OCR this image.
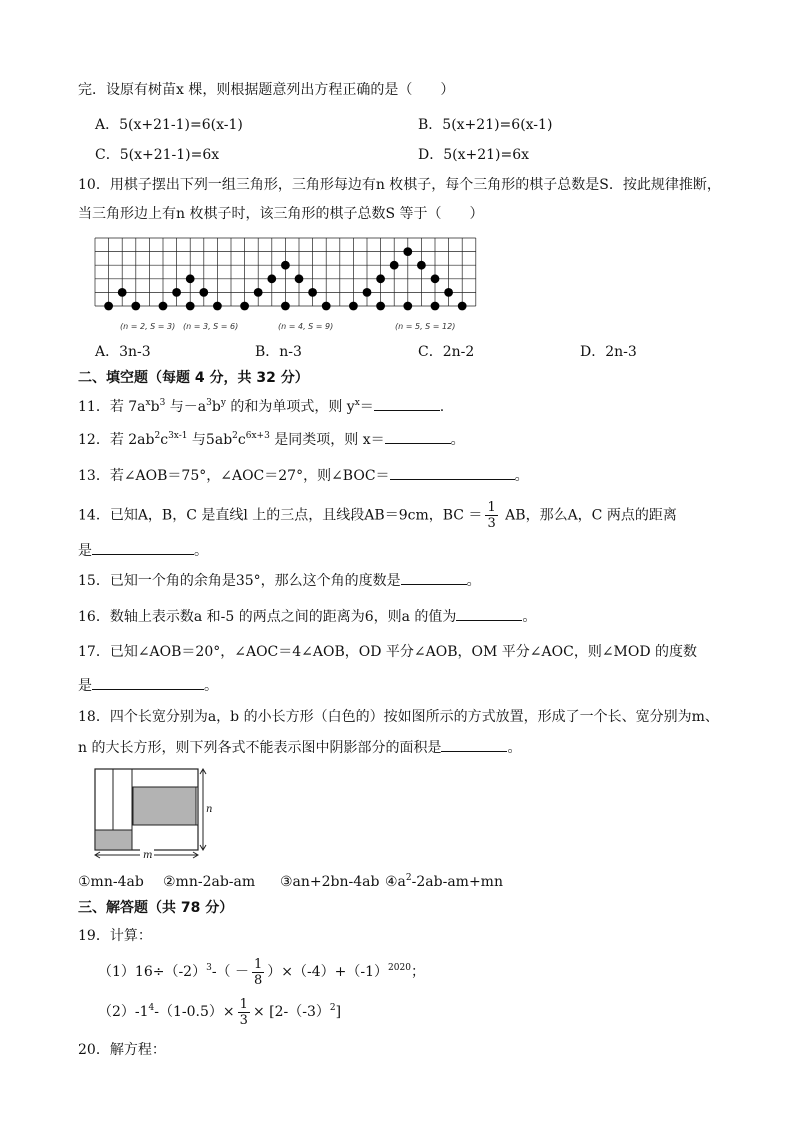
完．设原有树苗x 棵，则根据题意列出方程正确的是（　　）
A．5(x+21-1)=6(x-1)	B．5(x+21)=6(x-1)
C．5(x+21-1)=6x	D．5(x+21)=6x
10．用棋子摆出下列一组三角形，三角形每边有n 枚棋子，每个三角形的棋子总数是S．按此规律推断，
当三角形边上有n 枚棋子时，该三角形的棋子总数S 等于（　　）
(n = 2, S = 3) (n = 3, S = 6)	(n = 4, S = 9)	(n = 5, S = 12)
A．3n-3	B．n-3	C．2n-2	D．2n-3
二、填空题（每题 4 分，共 32 分）
11．若 $7a^xb^3$ 与$-a^3b^y$ 的和为单项式，则 $y^x=$	.
12．若 $2ab^2c^{3x-1}$ 与$5ab^2c^{6x+3}$ 是同类项，则 x＝	。
13．若∠AOB＝75°，∠AOC＝27°，则∠BOC＝	。
14．已知A，B，C 是直线l 上的三点，且线段AB＝9cm，BC ＝ $\frac{1}{3}$ AB，那么A，C 两点的距离
是	。
15．已知一个角的余角是35°，那么这个角的度数是	。
16．数轴上表示数a 和-5 的两点之间的距离为6，则a 的值为	。
17．已知∠AOB＝20°，∠AOC＝4∠AOB，OD 平分∠AOB，OM 平分∠AOC，则∠MOD 的度数
是	。
18．四个长宽分别为a，b 的小长方形（白色的）按如图所示的方式放置，形成了一个长、宽分别为m、
n 的大长方形，则下列各式不能表示图中阴影部分的面积是	。
n
m
①mn-4ab ②mn-2ab-am ③an+2bn-4ab $④a^2-2ab-am+mn$
三、解答题（共 78 分）
19．计算：
$(1)16\div(-2)^3-( - \frac{1}{8} )\times(-4)+(-1)^{2020}$；
$(2)-1^4-(1-0.5)\times \frac{1}{3} \times [2-(-3)^2]$
20．解方程：
